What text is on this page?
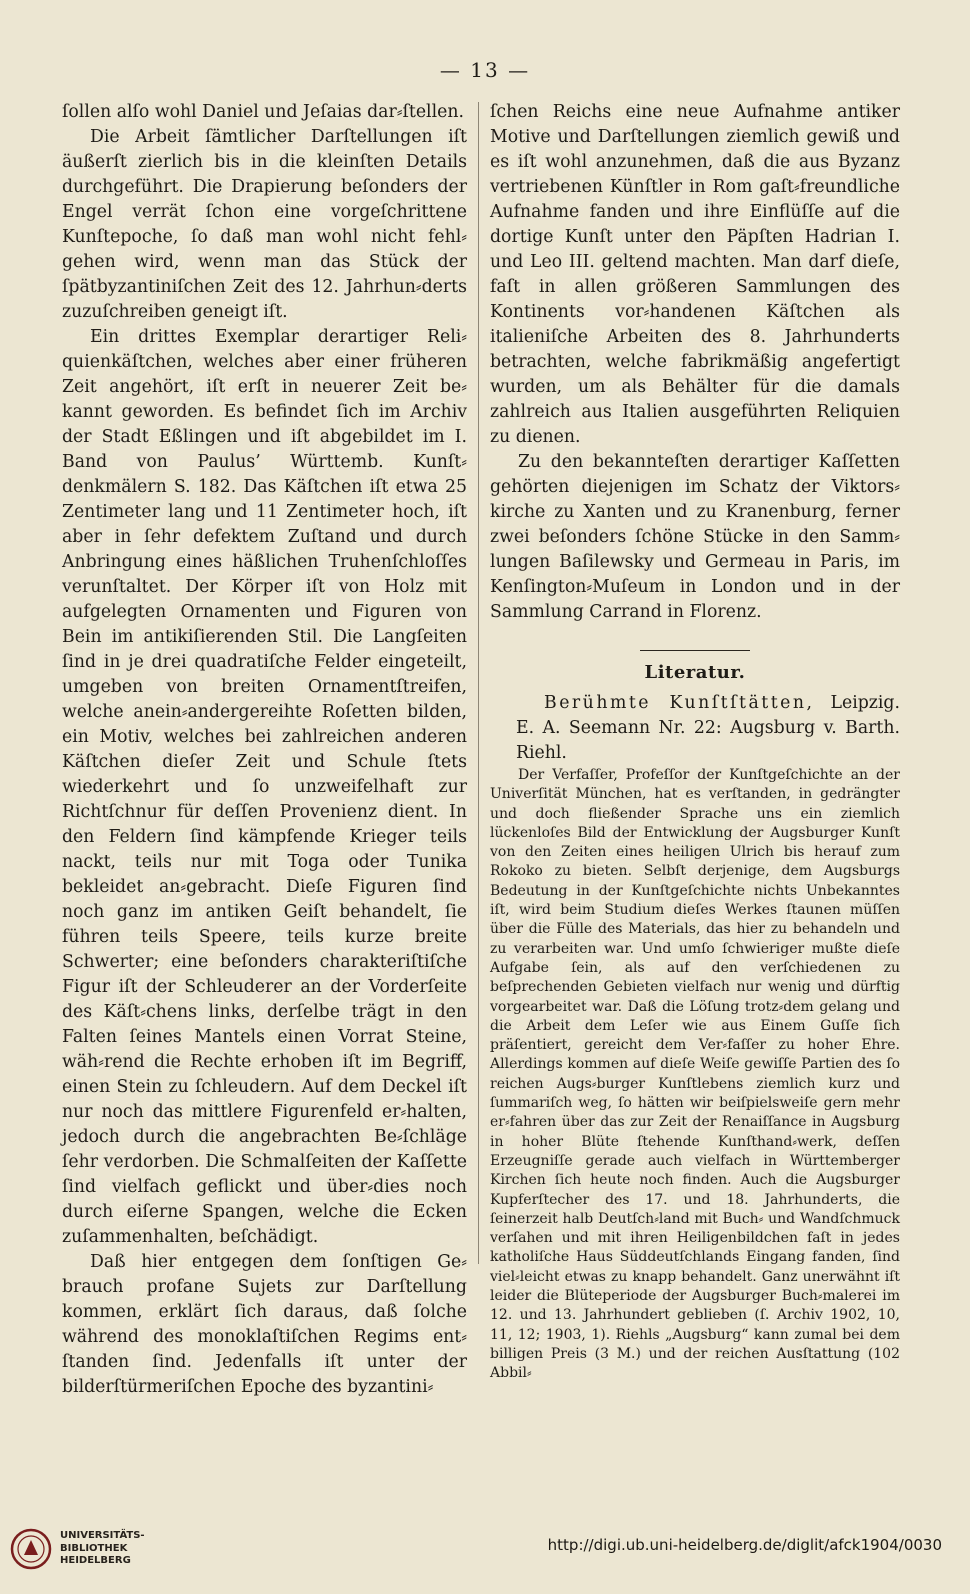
— 13 —

ſollen alſo wohl Daniel und Jeſaias dar⸗ſtellen.

Die Arbeit ſämtlicher Darſtellungen iſt äußerſt zierlich bis in die kleinſten Details durchgeführt. Die Drapierung beſonders der Engel verrät ſchon eine vorgeſchrittene Kunſtepoche, ſo daß man wohl nicht fehl⸗gehen wird, wenn man das Stück der ſpätbyzantiniſchen Zeit des 12. Jahrhun⸗derts zuzuſchreiben geneigt iſt.

Ein drittes Exemplar derartiger Reli⸗quienkäſtchen, welches aber einer früheren Zeit angehört, iſt erſt in neuerer Zeit be⸗kannt geworden. Es befindet ſich im Archiv der Stadt Eßlingen und iſt abgebildet im I. Band von Paulus’ Württemb. Kunſt⸗denkmälern S. 182. Das Käſtchen iſt etwa 25 Zentimeter lang und 11 Zentimeter hoch, iſt aber in ſehr defektem Zuſtand und durch Anbringung eines häßlichen Truhenſchloſſes verunſtaltet. Der Körper iſt von Holz mit aufgelegten Ornamenten und Figuren von Bein im antikiſierenden Stil. Die Langſeiten ſind in je drei quadratiſche Felder eingeteilt, umgeben von breiten Ornamentſtreifen, welche anein⸗andergereihte Roſetten bilden, ein Motiv, welches bei zahlreichen anderen Käſtchen dieſer Zeit und Schule ſtets wiederkehrt und ſo unzweifelhaft zur Richtſchnur für deſſen Provenienz dient. In den Feldern ſind kämpfende Krieger teils nackt, teils nur mit Toga oder Tunika bekleidet an⸗gebracht. Dieſe Figuren ſind noch ganz im antiken Geiſt behandelt, ſie führen teils Speere, teils kurze breite Schwerter; eine beſonders charakteriſtiſche Figur iſt der Schleuderer an der Vorderſeite des Käſt⸗chens links, derſelbe trägt in den Falten ſeines Mantels einen Vorrat Steine, wäh⸗rend die Rechte erhoben iſt im Begriff, einen Stein zu ſchleudern. Auf dem Deckel iſt nur noch das mittlere Figurenfeld er⸗halten, jedoch durch die angebrachten Be⸗ſchläge ſehr verdorben. Die Schmalſeiten der Kaſſette ſind vielfach geflickt und über⸗dies noch durch eiſerne Spangen, welche die Ecken zuſammenhalten, beſchädigt.

Daß hier entgegen dem ſonſtigen Ge⸗brauch profane Sujets zur Darſtellung kommen, erklärt ſich daraus, daß ſolche während des monoklaſtiſchen Regims ent⸗ſtanden ſind. Jedenfalls iſt unter der bilderſtürmeriſchen Epoche des byzantini⸗

ſchen Reichs eine neue Aufnahme antiker Motive und Darſtellungen ziemlich gewiß und es iſt wohl anzunehmen, daß die aus Byzanz vertriebenen Künſtler in Rom gaſt⸗freundliche Aufnahme fanden und ihre Einflüſſe auf die dortige Kunſt unter den Päpſten Hadrian I. und Leo III. geltend machten. Man darf dieſe, faſt in allen größeren Sammlungen des Kontinents vor⸗handenen Käſtchen als italieniſche Arbeiten des 8. Jahrhunderts betrachten, welche fabrikmäßig angefertigt wurden, um als Behälter für die damals zahlreich aus Italien ausgeführten Reliquien zu dienen.

Zu den bekannteſten derartiger Kaſſetten gehörten diejenigen im Schatz der Viktors⸗kirche zu Xanten und zu Kranenburg, ferner zwei beſonders ſchöne Stücke in den Samm⸗lungen Baſilewsky und Germeau in Paris, im Kenſington⸗Muſeum in London und in der Sammlung Carrand in Florenz.

Literatur.

Berühmte Kunſtſtätten, Leipzig. E. A. Seemann Nr. 22: Augsburg v. Barth. Riehl.

Der Verfaſſer, Profeſſor der Kunſtgeſchichte an der Univerſität München, hat es verſtanden, in gedrängter und doch fließender Sprache uns ein ziemlich lückenloſes Bild der Entwicklung der Augsburger Kunſt von den Zeiten eines heiligen Ulrich bis herauf zum Rokoko zu bieten. Selbſt derjenige, dem Augsburgs Bedeutung in der Kunſtgeſchichte nichts Unbekanntes iſt, wird beim Studium dieſes Werkes ſtaunen müſſen über die Fülle des Materials, das hier zu behandeln und zu verarbeiten war. Und umſo ſchwieriger mußte dieſe Aufgabe ſein, als auf den verſchiedenen zu beſprechenden Gebieten vielfach nur wenig und dürftig vorgearbeitet war. Daß die Löſung trotz⸗dem gelang und die Arbeit dem Leſer wie aus Einem Guſſe ſich präſentiert, gereicht dem Ver⸗faſſer zu hoher Ehre. Allerdings kommen auf dieſe Weiſe gewiſſe Partien des ſo reichen Augs⸗burger Kunſtlebens ziemlich kurz und ſummariſch weg, ſo hätten wir beiſpielsweiſe gern mehr er⸗fahren über das zur Zeit der Renaiſſance in Augsburg in hoher Blüte ſtehende Kunſthand⸗werk, deſſen Erzeugniſſe gerade auch vielfach in Württemberger Kirchen ſich heute noch finden. Auch die Augsburger Kupferſtecher des 17. und 18. Jahrhunderts, die ſeinerzeit halb Deutſch⸗land mit Buch⸗ und Wandſchmuck verſahen und mit ihren Heiligenbildchen faſt in jedes katholiſche Haus Süddeutſchlands Eingang fanden, ſind viel⸗leicht etwas zu knapp behandelt. Ganz unerwähnt iſt leider die Blüteperiode der Augsburger Buch⸗malerei im 12. und 13. Jahrhundert geblieben (ſ. Archiv 1902, 10, 11, 12; 1903, 1). Riehls „Augsburg“ kann zumal bei dem billigen Preis (3 M.) und der reichen Ausſtattung (102 Abbil⸗

UNIVERSITÄTS-
BIBLIOTHEK
HEIDELBERG
http://digi.ub.uni-heidelberg.de/diglit/afck1904/0030
